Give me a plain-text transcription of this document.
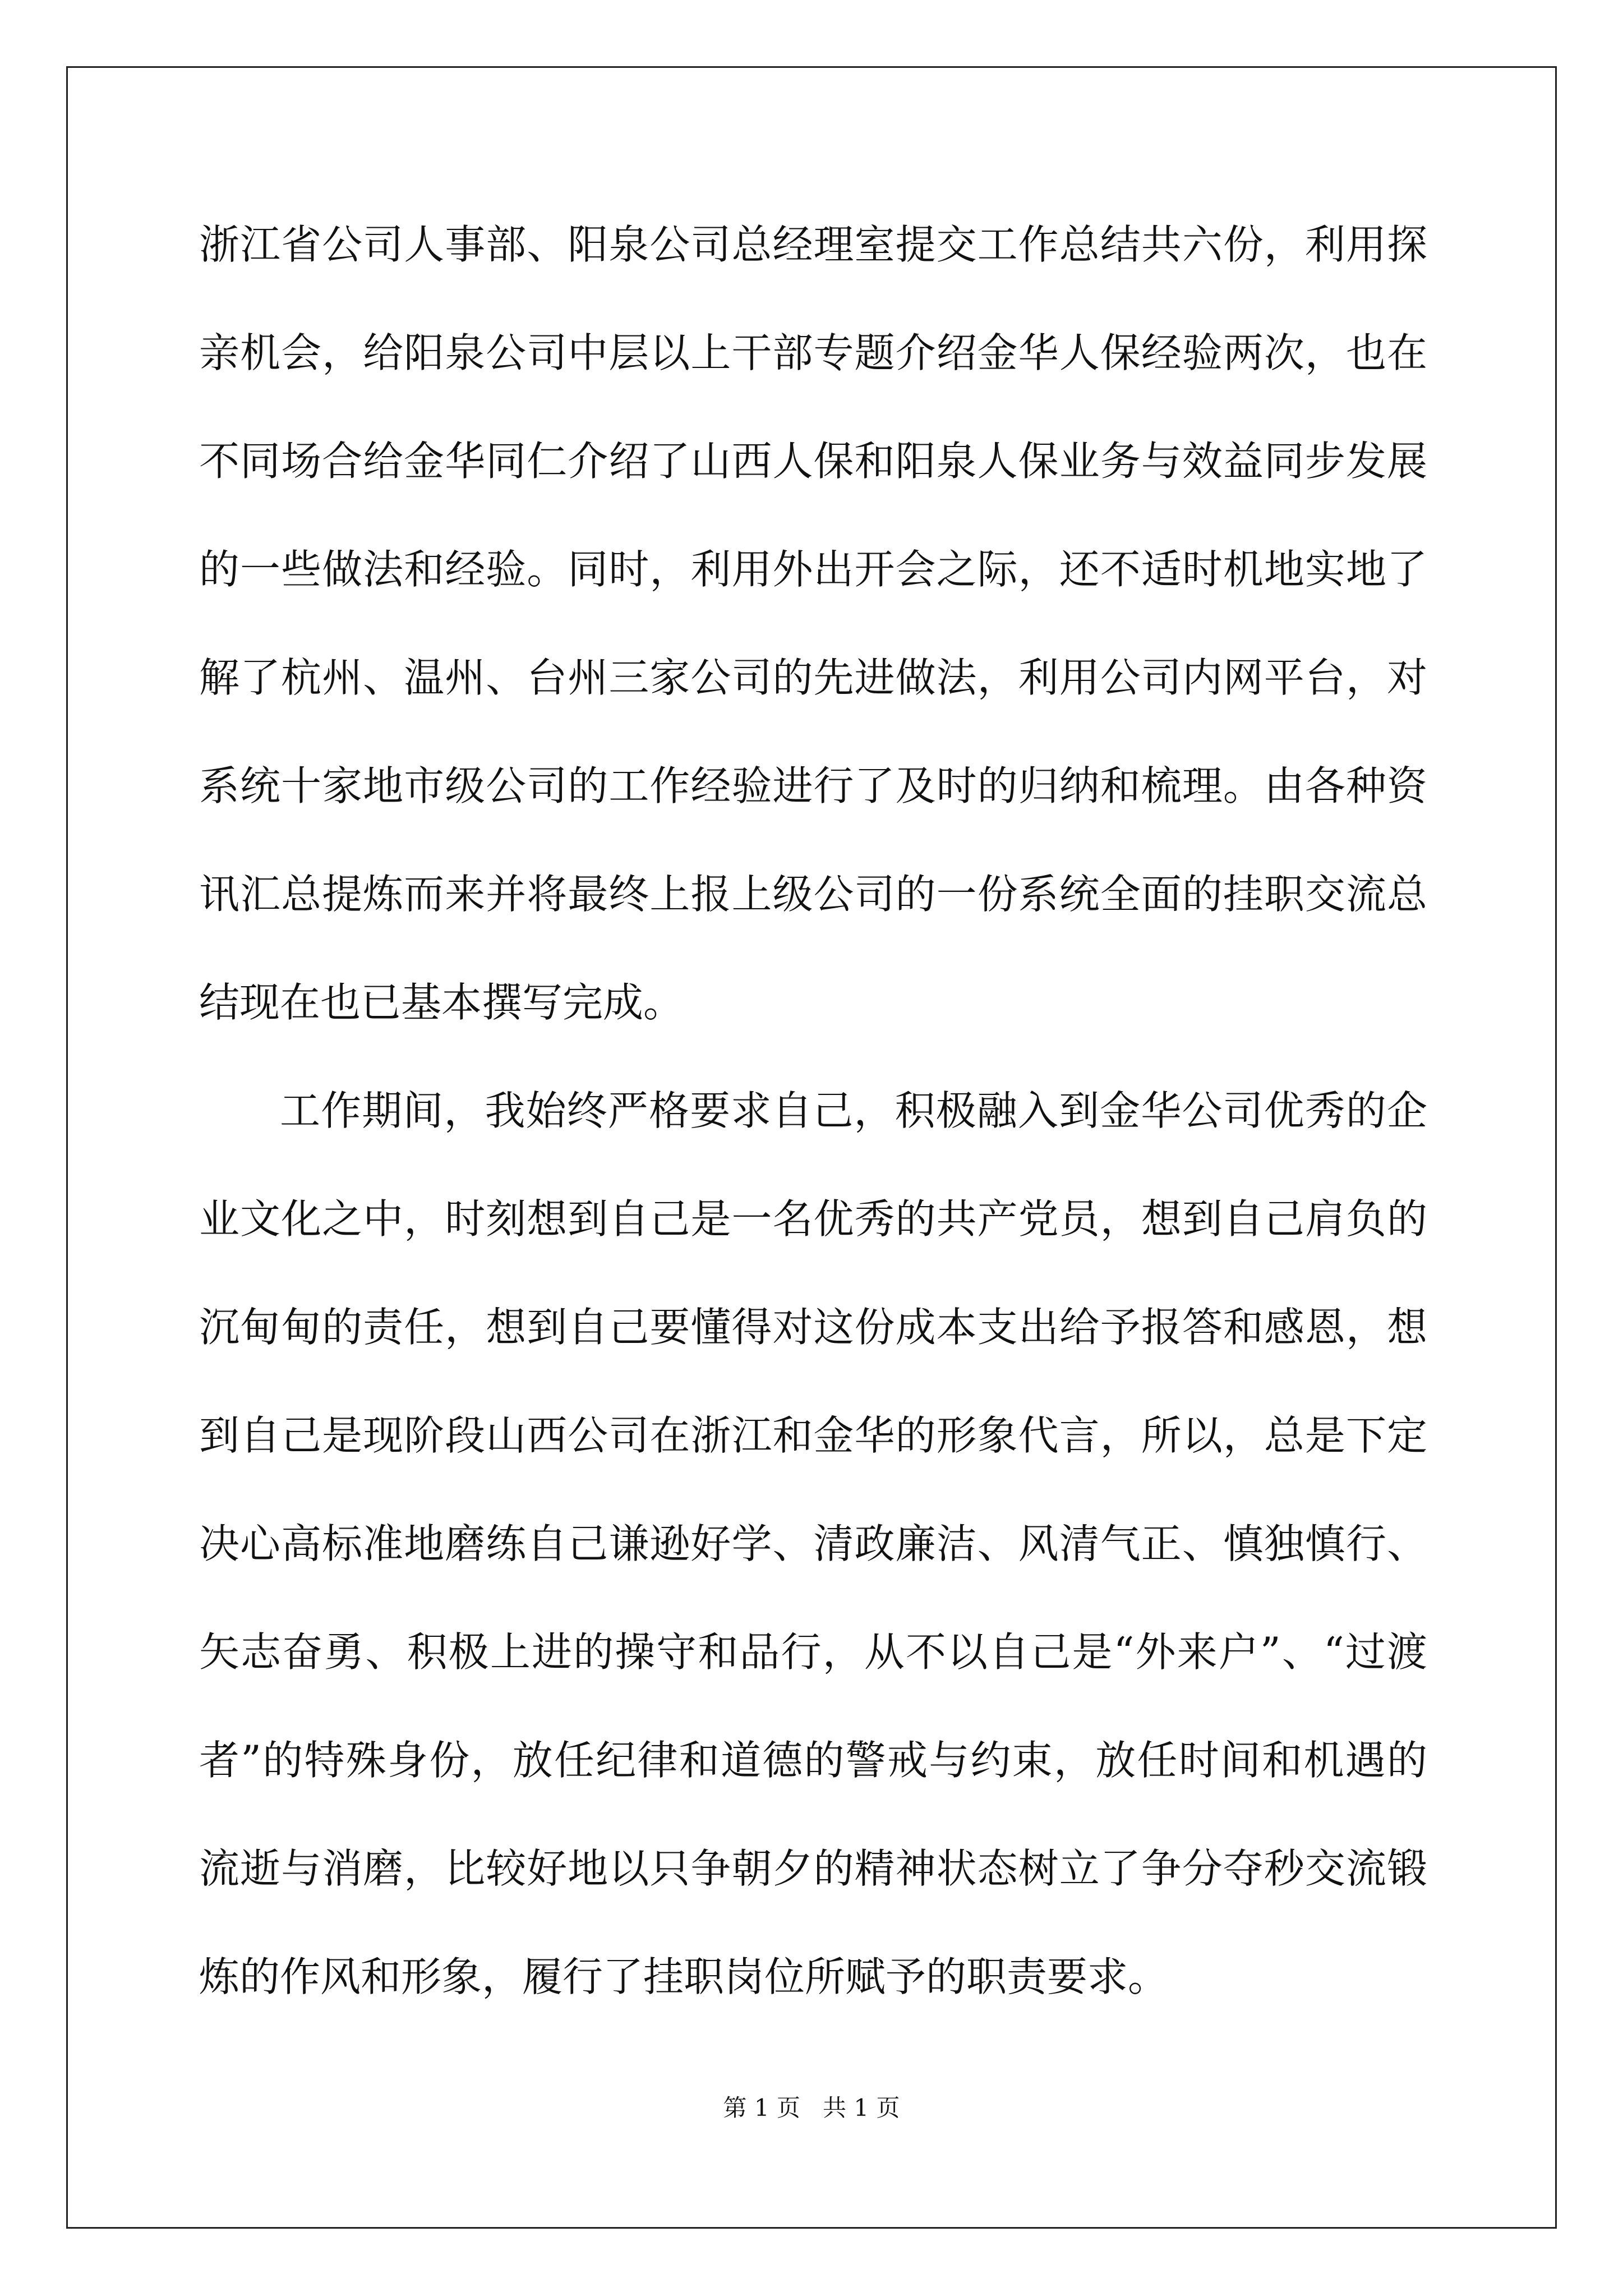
浙江省公司人事部、阳泉公司总经理室提交工作总结共六份，利用探
亲机会，给阳泉公司中层以上干部专题介绍金华人保经验两次，也在
不同场合给金华同仁介绍了山西人保和阳泉人保业务与效益同步发展
的一些做法和经验。同时，利用外出开会之际，还不适时机地实地了
解了杭州、温州、台州三家公司的先进做法，利用公司内网平台，对
系统十家地市级公司的工作经验进行了及时的归纳和梳理。由各种资
讯汇总提炼而来并将最终上报上级公司的一份系统全面的挂职交流总
结现在也已基本撰写完成。
工作期间，我始终严格要求自己，积极融入到金华公司优秀的企
业文化之中，时刻想到自己是一名优秀的共产党员，想到自己肩负的
沉甸甸的责任，想到自己要懂得对这份成本支出给予报答和感恩，想
到自己是现阶段山西公司在浙江和金华的形象代言，所以，总是下定
决心高标准地磨练自己谦逊好学、清政廉洁、风清气正、慎独慎行、
矢志奋勇、积极上进的操守和品行，从不以自己是“外来户”、“过渡
者”的特殊身份，放任纪律和道德的警戒与约束，放任时间和机遇的
流逝与消磨，比较好地以只争朝夕的精神状态树立了争分夺秒交流锻
炼的作风和形象，履行了挂职岗位所赋予的职责要求。
第 1 页   共 1 页
